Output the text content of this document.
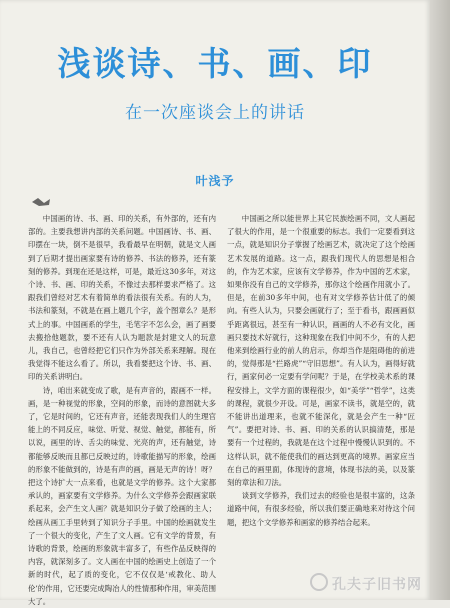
浅谈诗、书、画、印
在一次座谈会上的讲话
叶浅予

中国画的诗、书、画、印的关系，有外部的，还有内部的。主要我想讲内部的关系问题。中国画诗、书、画、印摆在一块，倒不是很早，我看最早在明朝，就是文人画到了后期才提出画家要有诗的修养、书法的修养，还有篆刻的修养。到现在还是这样，可是，最近这30多年，对这个诗、书、画、印的关系，不像过去那样要求严格了。这跟我们曾经对艺术有着简单的看法很有关系。有的人为，书法和篆刻，不就是在画上题几个字，盖个图章么？是形式上的事。中国画系的学生，毛笔字不怎么会，画了画要去搬拾他题款，要不还有人认为题款是封建文人的玩意儿，我自己，也曾经把它们只作为外部关系来理解。现在我觉得不能这么看了。所以，我看要把这个诗、书、画、印的关系讲明白。

诗，咱出来就变成了歌，是有声音的，跟画不一样。画，是一种视觉的形象，空间的形象，而诗的意图就大多了，它是时间的，它还有声音，还能表现我们人的生理官能上的不同反应，味觉、听觉、视觉、触觉，都能有，所以说，画里的诗、舌尖的味觉、光亮的声，还有触觉，诗都能够反映而且都已反映过的，诗歌能描写的形象，绘画的形象不能做到的，诗是有声的画，画是无声的诗！呀？把这个诗扩大一点来看，也就是文学的修养。这个大家都承认的，画家要有文学修养。为什么文学修养会跟画家联系起来，会产生文人画？就是知识分子做了绘画的主人；绘画从画工手里转到了知识分子手里。中国的绘画就发生了一个很大的变化，产生了文人画。它有文学的背景，有诗歌的背景，绘画的形象就丰富多了，有些作品反映得的内容，就深刻多了。文人画在中国的绘画史上创造了一个新的时代，起了质的变化，它不仅仅是‘戒教化、助人伦’的作用，它还要完成陶冶人的性情那种作用，审美范围大了。

中国画之所以能世界上其它民族绘画不同，文人画起了很大的作用，是一个很重要的标志。我们一定要看到这一点，就是知识分子掌握了绘画艺术，就决定了这个绘画艺术发展的道路。这一点，跟我们现代人的思想是相合的，作为艺术家，应该有文学修养，作为中国的艺术家，如果你没有自己的文学修养，那你这个绘画作用就小了。但是，在前30多年中间，也有对文学修养估计低了的倾向。有些人认为，只要会画就行了；至于看书，跟画画似乎距离很远，甚至有一种认识，画画的人不必有文化，画画只要技术好就行，这种现象在我们中间不少，有的人把他来到绘画行业的前人的启示，你却当作是阻碍他的前进的，觉得那是“拦路虎”“守旧思想”。有人认为，画得好就行，画家何必一定要有学问呢？于是，在学校美术系的课程安排上，文学方面的课程很少，如“美学”“哲学”，这类的课程，就很少开设。可是，画家不读书，就是空的，就不能讲出道理来，也就不能深化，就是会产生一种“匠气”。要把对诗、书、画、印的关系的认识搞清楚，那是要有一个过程的，我就是在这个过程中慢慢认识到的。不这样认识，就不能使我们的画达到更高的境界。画家应当在自己的画里面，体现诗的意境，体现书法的美，以及篆刻的章法和刀法。

谈到文学修养，我们过去的经验也是很丰富的，这条道路中间，有很多经验，所以我们要正确地来对待这个问题，把这个文学修养和画家的修养结合起来。

孔夫子旧书网
